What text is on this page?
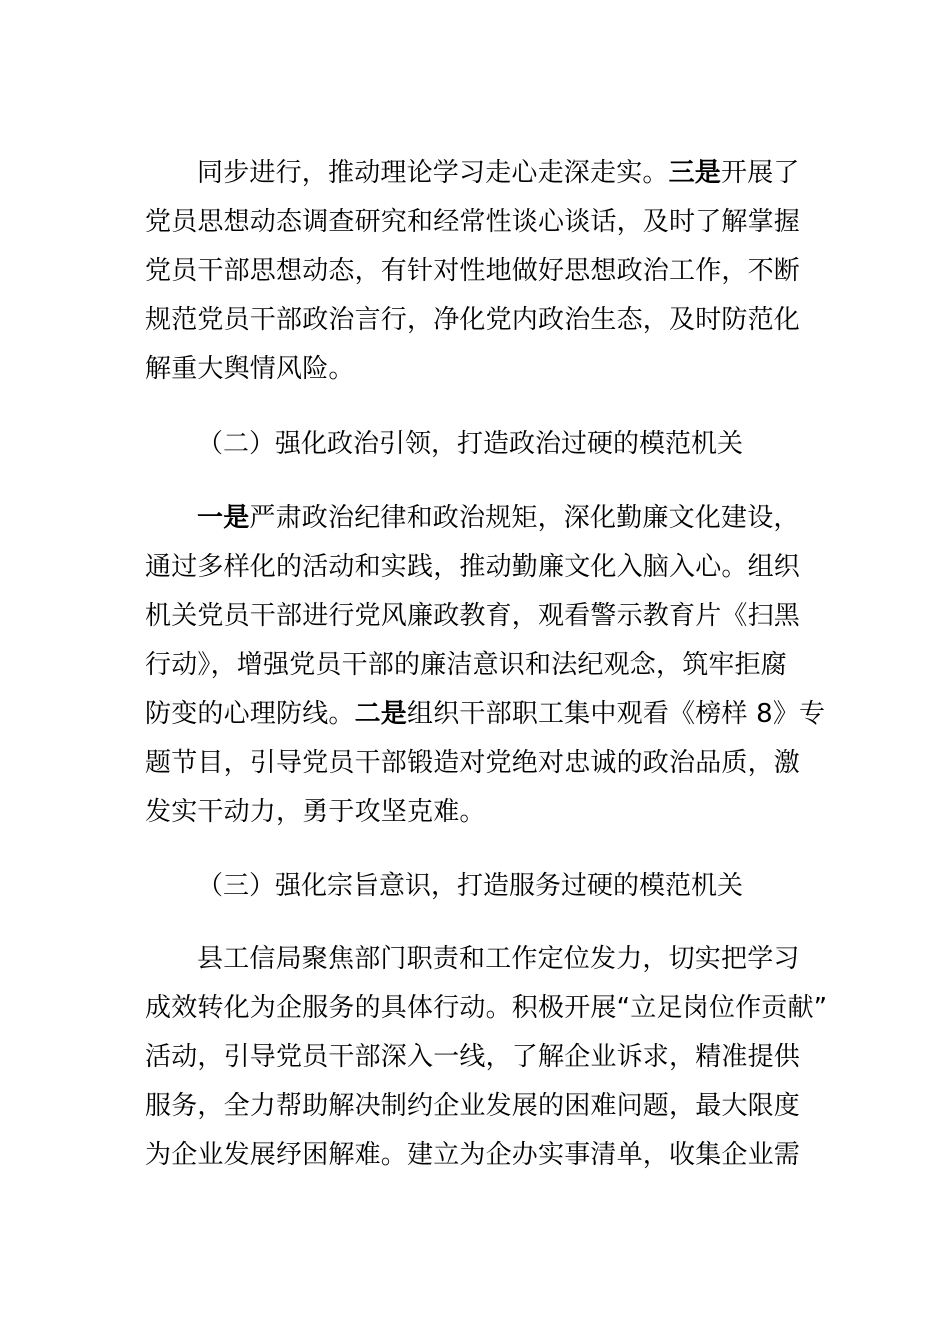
同步进行，推动理论学习走心走深走实。三是开展了
党员思想动态调查研究和经常性谈心谈话，及时了解掌握
党员干部思想动态，有针对性地做好思想政治工作，不断
规范党员干部政治言行，净化党内政治生态，及时防范化
解重大舆情风险。
（二）强化政治引领，打造政治过硬的模范机关
一是严肃政治纪律和政治规矩，深化勤廉文化建设，
通过多样化的活动和实践，推动勤廉文化入脑入心。组织
机关党员干部进行党风廉政教育，观看警示教育片《扫黑
行动》，增强党员干部的廉洁意识和法纪观念，筑牢拒腐
防变的心理防线。二是组织干部职工集中观看《榜样 8》专
题节目，引导党员干部锻造对党绝对忠诚的政治品质，激
发实干动力，勇于攻坚克难。
（三）强化宗旨意识，打造服务过硬的模范机关
县工信局聚焦部门职责和工作定位发力，切实把学习
成效转化为企服务的具体行动。积极开展“立足岗位作贡献”
活动，引导党员干部深入一线，了解企业诉求，精准提供
服务，全力帮助解决制约企业发展的困难问题，最大限度
为企业发展纾困解难。建立为企办实事清单，收集企业需
